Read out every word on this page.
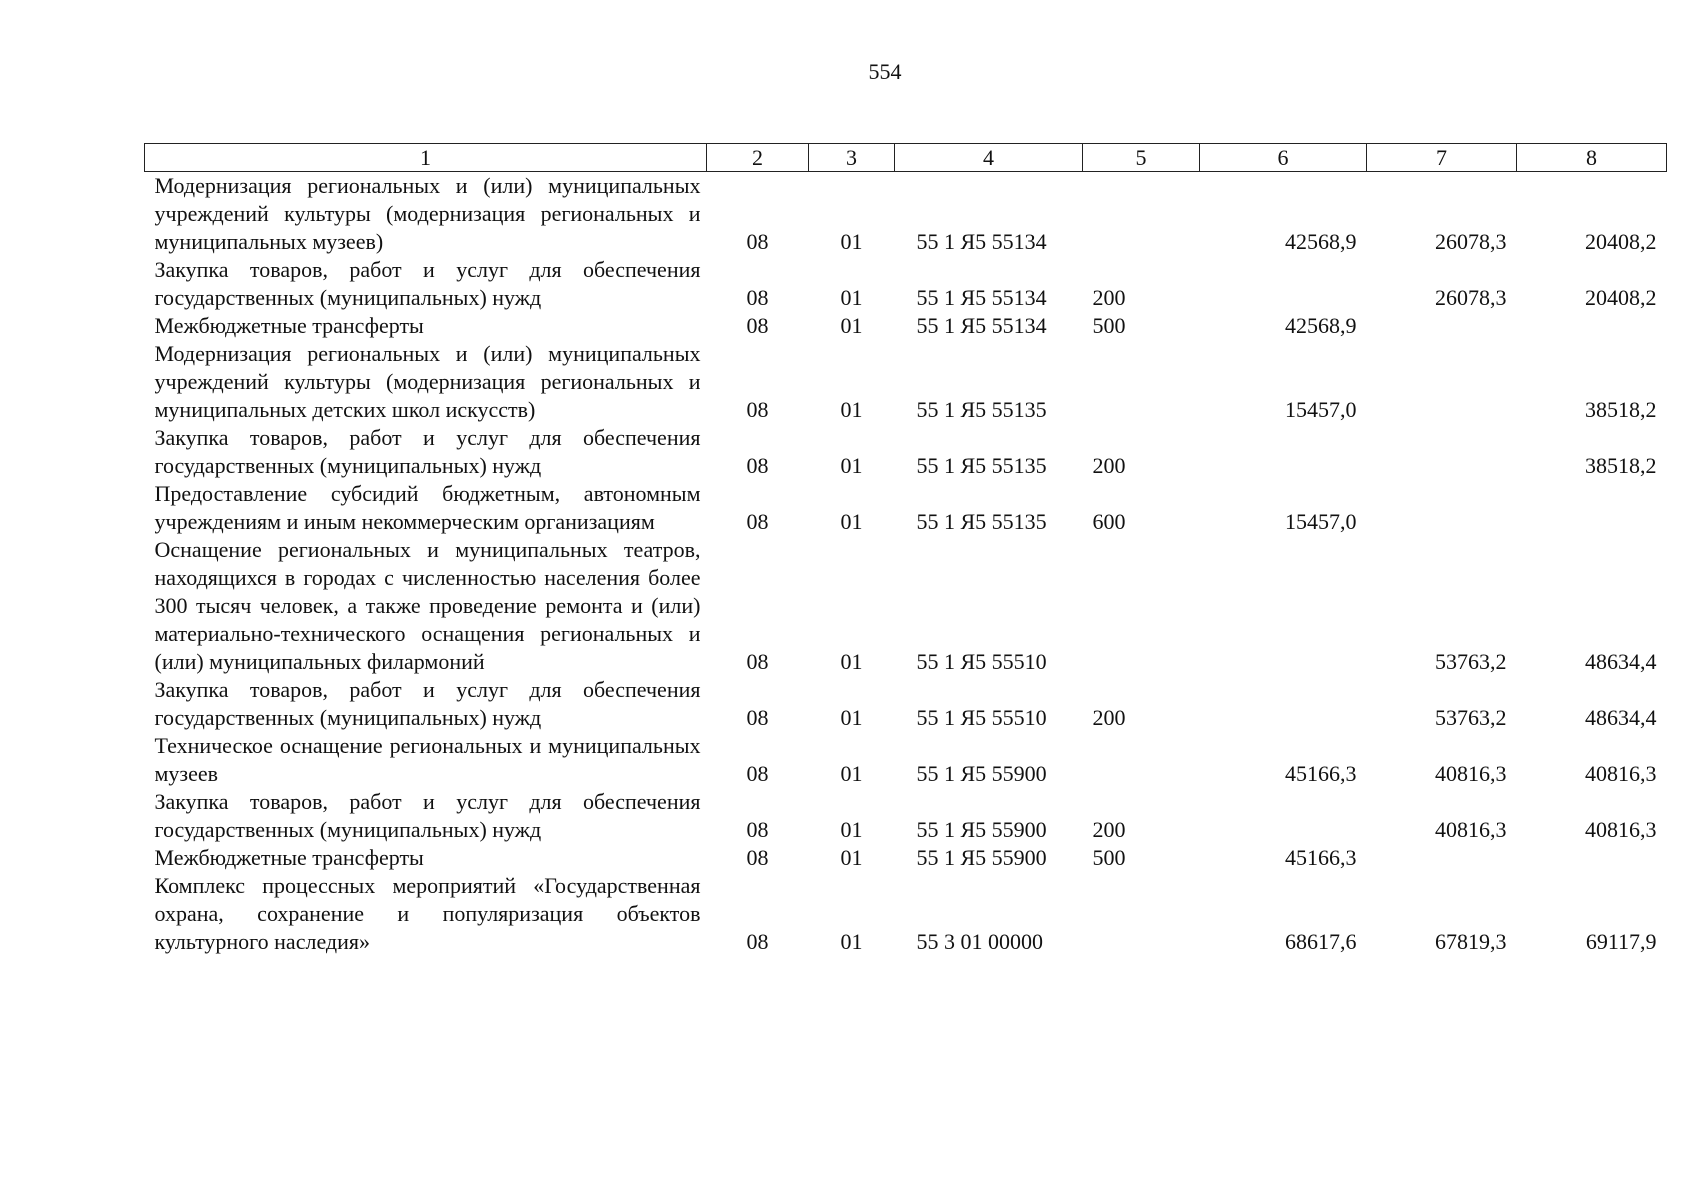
554
1	2	3	4	5	6	7	8
Модернизация региональных и (или) муниципальных учреждений культуры (модернизация региональных и муниципальных музеев)	08	01	55 1 Я5 55134		42568,9	26078,3	20408,2
Закупка товаров, работ и услуг для обеспечения государственных (муниципальных) нужд	08	01	55 1 Я5 55134	200		26078,3	20408,2
Межбюджетные трансферты	08	01	55 1 Я5 55134	500	42568,9		
Модернизация региональных и (или) муниципальных учреждений культуры (модернизация региональных и муниципальных детских школ искусств)	08	01	55 1 Я5 55135		15457,0		38518,2
Закупка товаров, работ и услуг для обеспечения государственных (муниципальных) нужд	08	01	55 1 Я5 55135	200			38518,2
Предоставление субсидий бюджетным, автономным учреждениям и иным некоммерческим организациям	08	01	55 1 Я5 55135	600	15457,0		
Оснащение региональных и муниципальных театров, находящихся в городах с численностью населения более 300 тысяч человек, а также проведение ремонта и (или) материально-технического оснащения региональных и (или) муниципальных филармоний	08	01	55 1 Я5 55510			53763,2	48634,4
Закупка товаров, работ и услуг для обеспечения государственных (муниципальных) нужд	08	01	55 1 Я5 55510	200		53763,2	48634,4
Техническое оснащение региональных и муниципальных музеев	08	01	55 1 Я5 55900		45166,3	40816,3	40816,3
Закупка товаров, работ и услуг для обеспечения государственных (муниципальных) нужд	08	01	55 1 Я5 55900	200		40816,3	40816,3
Межбюджетные трансферты	08	01	55 1 Я5 55900	500	45166,3		
Комплекс процессных мероприятий «Государственная охрана, сохранение и популяризация объектов культурного наследия»	08	01	55 3 01 00000		68617,6	67819,3	69117,9
